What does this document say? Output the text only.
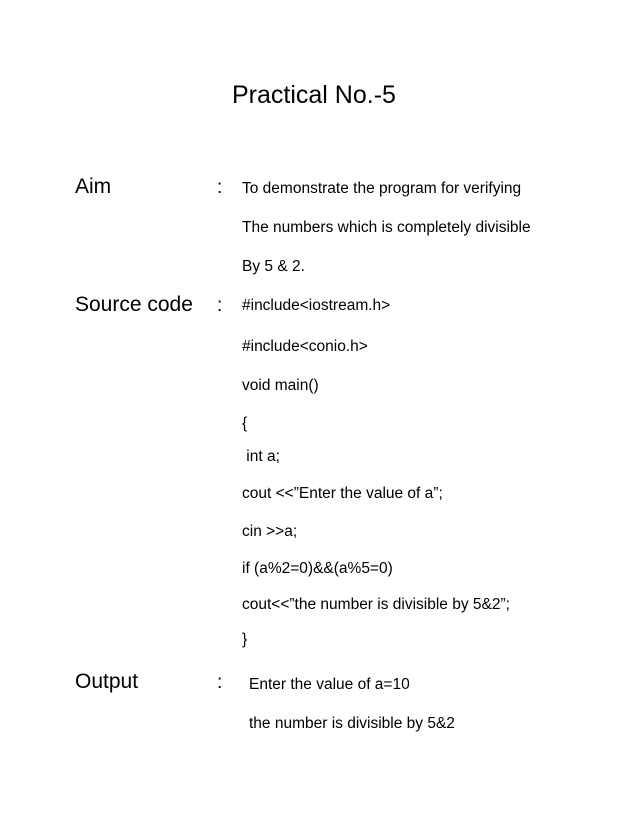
Practical No.-5
Aim	: To demonstrate the program for verifying
The numbers which is completely divisible
By 5 & 2.
Source code : #include<iostream.h>
#include<conio.h>
void main()
{
int a;
cout <<”Enter the value of a”;
cin >>a;
if (a%2=0)&&(a%5=0)
cout<<”the number is divisible by 5&2”;
}
Output	: Enter the value of a=10
the number is divisible by 5&2
